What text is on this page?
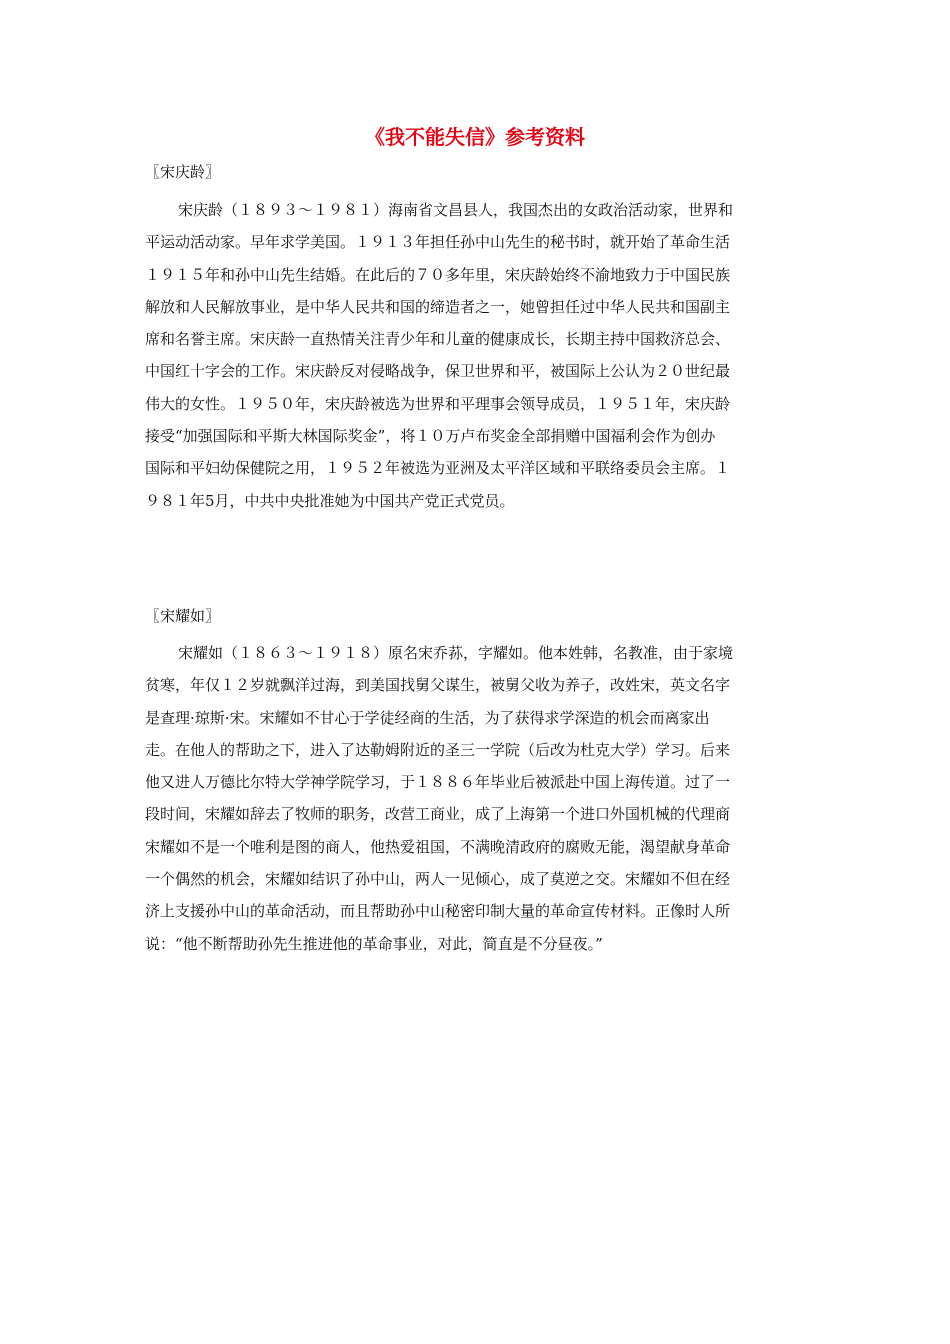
《我不能失信》参考资料
〖宋庆龄〗
宋庆龄（１８９３～１９８１）海南省文昌县人，我国杰出的女政治活动家，世界和
平运动活动家。早年求学美国。１９１３年担任孙中山先生的秘书时，就开始了革命生活
１９１５年和孙中山先生结婚。在此后的７０多年里，宋庆龄始终不渝地致力于中国民族
解放和人民解放事业，是中华人民共和国的缔造者之一，她曾担任过中华人民共和国副主
席和名誉主席。宋庆龄一直热情关注青少年和儿童的健康成长，长期主持中国救济总会、
中国红十字会的工作。宋庆龄反对侵略战争，保卫世界和平，被国际上公认为２０世纪最
伟大的女性。１９５０年，宋庆龄被选为世界和平理事会领导成员，１９５１年，宋庆龄
接受“加强国际和平斯大林国际奖金”，将１０万卢布奖金全部捐赠中国福利会作为创办
国际和平妇幼保健院之用，１９５２年被选为亚洲及太平洋区域和平联络委员会主席。１
９８１年5月，中共中央批准她为中国共产党正式党员。
〖宋耀如〗
宋耀如（１８６３～１９１８）原名宋乔荪，字耀如。他本姓韩，名教准，由于家境
贫寒，年仅１２岁就飘洋过海，到美国找舅父谋生，被舅父收为养子，改姓宋，英文名字
是查理·琼斯·宋。宋耀如不甘心于学徒经商的生活，为了获得求学深造的机会而离家出
走。在他人的帮助之下，进入了达勒姆附近的圣三一学院（后改为杜克大学）学习。后来
他又进人万德比尔特大学神学院学习，于１８８６年毕业后被派赴中国上海传道。过了一
段时间，宋耀如辞去了牧师的职务，改营工商业，成了上海第一个进口外国机械的代理商
宋耀如不是一个唯利是图的商人，他热爱祖国，不满晚清政府的腐败无能，渴望献身革命
一个偶然的机会，宋耀如结识了孙中山，两人一见倾心，成了莫逆之交。宋耀如不但在经
济上支援孙中山的革命活动，而且帮助孙中山秘密印制大量的革命宣传材料。正像时人所
说：“他不断帮助孙先生推进他的革命事业，对此，简直是不分昼夜。”
